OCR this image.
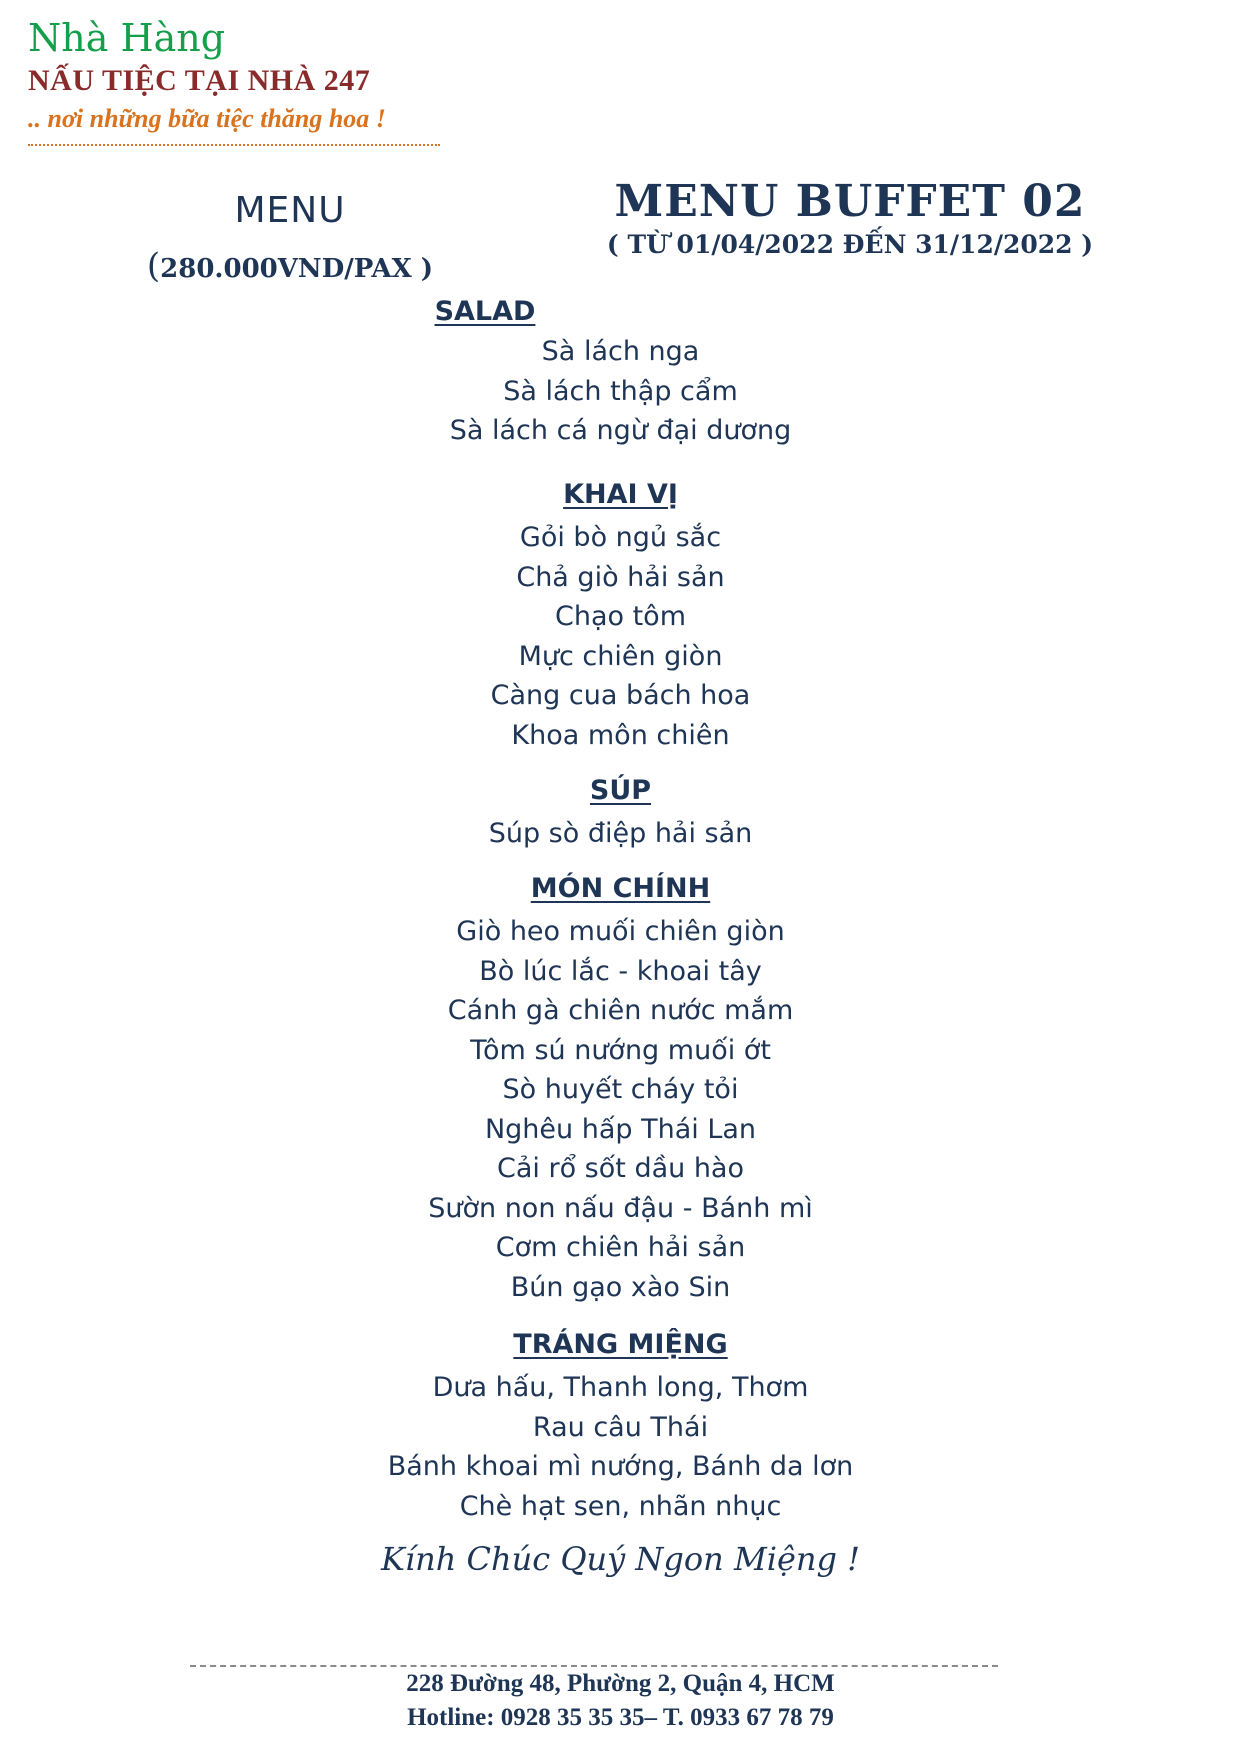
Nhà Hàng
NẤU TIỆC TẠI NHÀ 247
.. nơi những bữa tiệc thăng hoa !
MENU
(280.000VND/PAX )
MENU BUFFET 02
( TỪ 01/04/2022 ĐẾN 31/12/2022 )
SALAD
Sà lách nga
Sà lách thập cẩm
Sà lách cá ngừ đại dương
KHAI VỊ
Gỏi bò ngủ sắc
Chả giò hải sản
Chạo tôm
Mực chiên giòn
Càng cua bách hoa
Khoa môn chiên
SÚP
Súp sò điệp hải sản
MÓN CHÍNH
Giò heo muối chiên giòn
Bò lúc lắc - khoai tây
Cánh gà chiên nước mắm
Tôm sú nướng muối ớt
Sò huyết cháy tỏi
Nghêu hấp Thái Lan
Cải rổ sốt dầu hào
Sườn non nấu đậu - Bánh mì
Cơm chiên hải sản
Bún gạo xào Sin
TRÁNG MIỆNG
Dưa hấu, Thanh long, Thơm
Rau câu Thái
Bánh khoai mì nướng, Bánh da lơn
Chè hạt sen, nhãn nhục
Kính Chúc Quý Ngon Miệng !
228 Đường 48, Phường 2, Quận 4, HCM
Hotline: 0928 35 35 35– T. 0933 67 78 79
